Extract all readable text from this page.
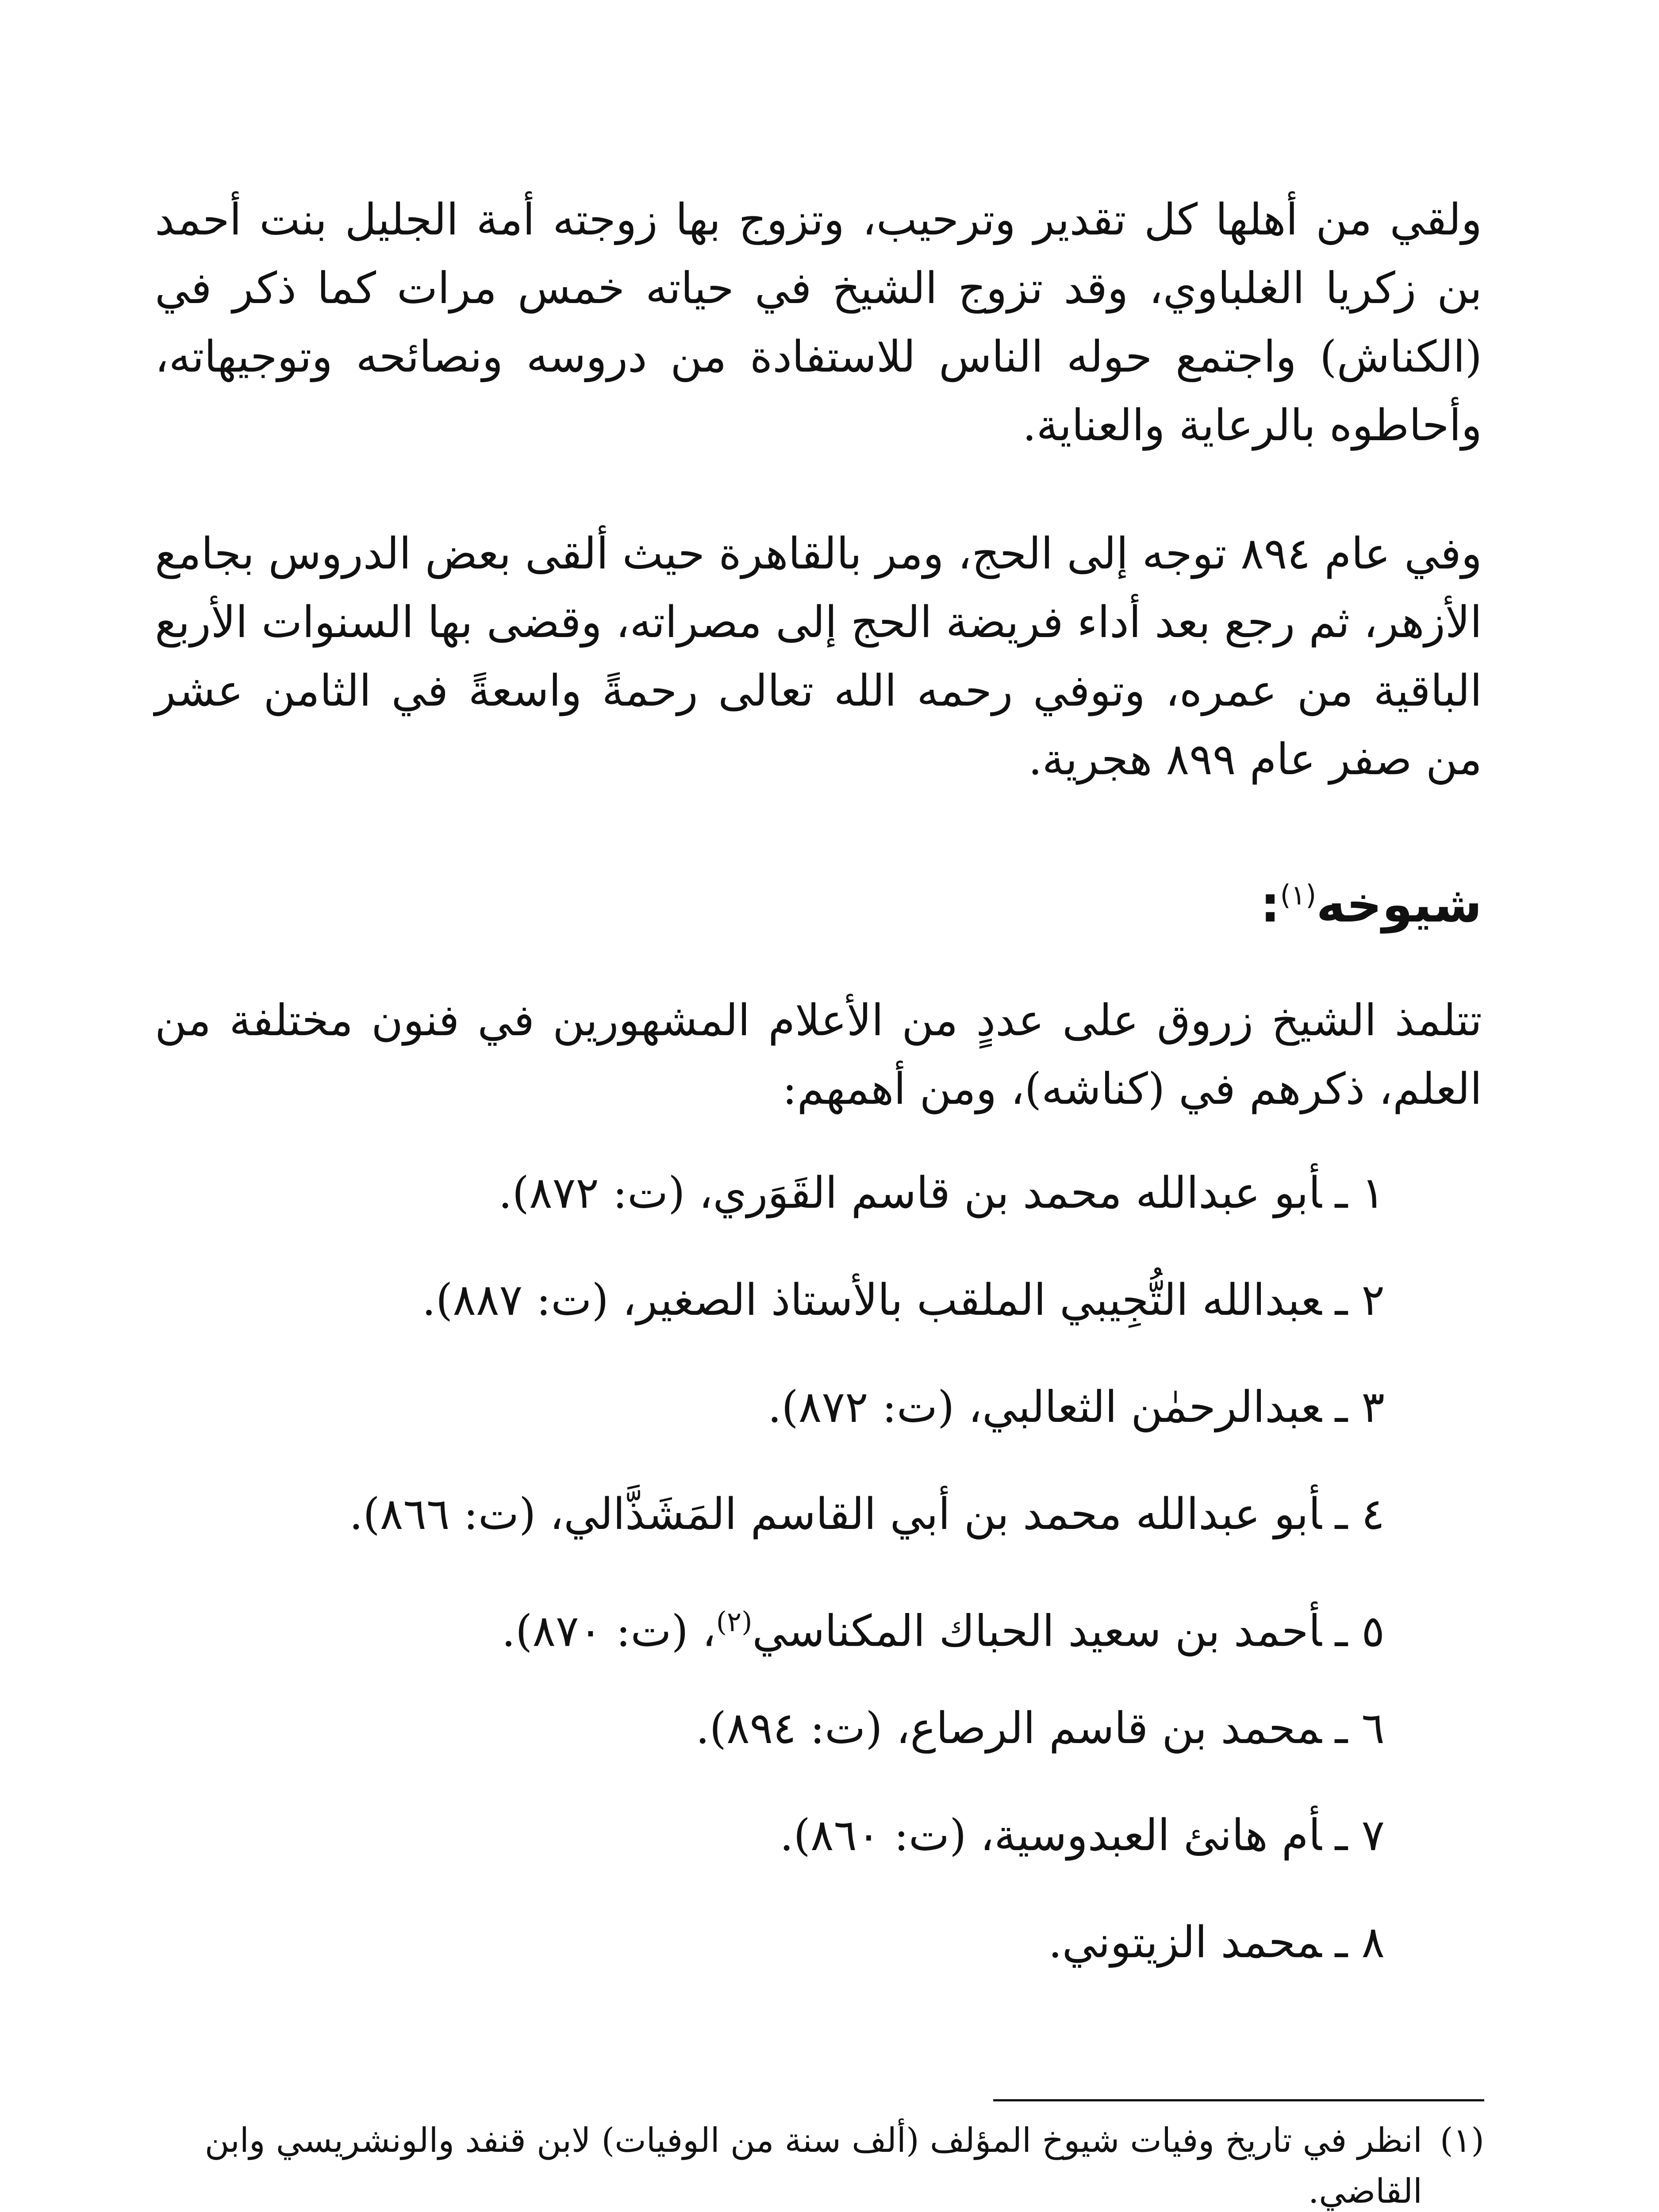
ولقي من أهلها كل تقدير وترحيب، وتزوج بها زوجته أمة الجليل بنت أحمد بن زكريا الغلباوي، وقد تزوج الشيخ في حياته خمس مرات كما ذكر في (الكناش) واجتمع حوله الناس للاستفادة من دروسه ونصائحه وتوجيهاته، وأحاطوه بالرعاية والعناية.

وفي عام ٨٩٤ توجه إلى الحج، ومر بالقاهرة حيث ألقى بعض الدروس بجامع الأزهر، ثم رجع بعد أداء فريضة الحج إلى مصراته، وقضى بها السنوات الأربع الباقية من عمره، وتوفي رحمه الله تعالى رحمةً واسعةً في الثامن عشر من صفر عام ٨٩٩ هجرية.

شيوخه$^{(١)}$:

تتلمذ الشيخ زروق على عددٍ من الأعلام المشهورين في فنون مختلفة من العلم، ذكرهم في (كناشه)، ومن أهمهم:

١ ـأبو عبدالله محمد بن قاسم القَوَري، (ت: ٨٧٢).
٢ ـعبدالله التُّجِيبي الملقب بالأستاذ الصغير، (ت: ٨٨٧).
٣ ـعبدالرحمٰن الثعالبي، (ت: ٨٧٢).
٤ ـأبو عبدالله محمد بن أبي القاسم المَشَذَّالي، (ت: ٨٦٦).
٥ ـأحمد بن سعيد الحباك المكناسي$^{(٢)}$، (ت: ٨٧٠).
٦ ـمحمد بن قاسم الرصاع، (ت: ٨٩٤).
٧ ـأم هانئ العبدوسية، (ت: ٨٦٠).
٨ ـمحمد الزيتوني.
(١)
انظر في تاريخ وفيات شيوخ المؤلف (ألف سنة من الوفيات) لابن قنفد والونشريسي وابن القاضي.
